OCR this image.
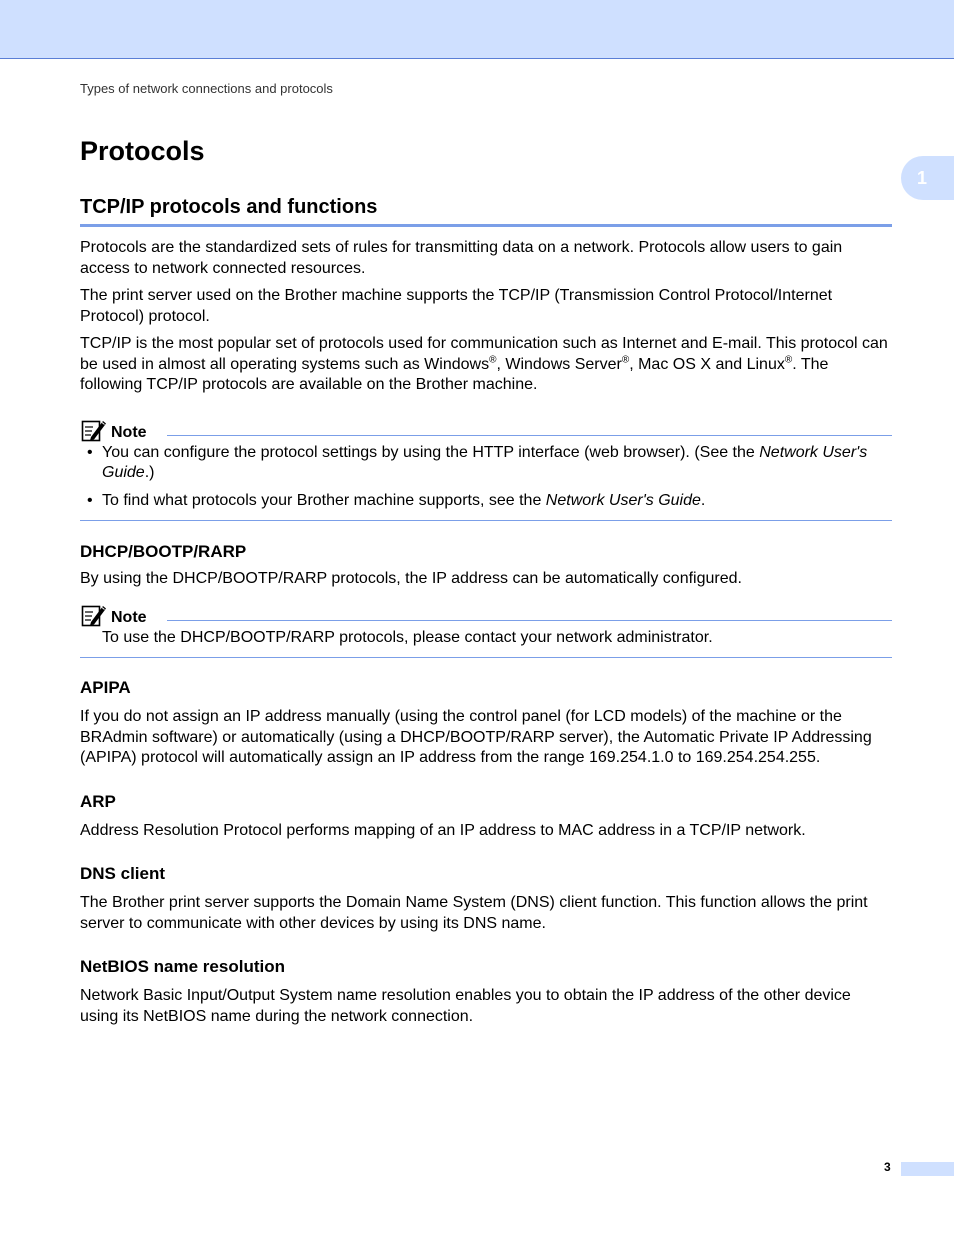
Types of network connections and protocols
1
Protocols
TCP/IP protocols and functions

Protocols are the standardized sets of rules for transmitting data on a network. Protocols allow users to gain access to network connected resources.

The print server used on the Brother machine supports the TCP/IP (Transmission Control Protocol/Internet Protocol) protocol.

TCP/IP is the most popular set of protocols used for communication such as Internet and E-mail. This protocol can be used in almost all operating systems such as Windows®, Windows Server®, Mac OS X and Linux®. The following TCP/IP protocols are available on the Brother machine.

Note
• You can configure the protocol settings by using the HTTP interface (web browser). (See the Network User's Guide.)
• To find what protocols your Brother machine supports, see the Network User's Guide.
DHCP/BOOTP/RARP

By using the DHCP/BOOTP/RARP protocols, the IP address can be automatically configured.

Note
To use the DHCP/BOOTP/RARP protocols, please contact your network administrator.
APIPA

If you do not assign an IP address manually (using the control panel (for LCD models) of the machine or the BRAdmin software) or automatically (using a DHCP/BOOTP/RARP server), the Automatic Private IP Addressing (APIPA) protocol will automatically assign an IP address from the range 169.254.1.0 to 169.254.254.255.

ARP

Address Resolution Protocol performs mapping of an IP address to MAC address in a TCP/IP network.

DNS client

The Brother print server supports the Domain Name System (DNS) client function. This function allows the print server to communicate with other devices by using its DNS name.

NetBIOS name resolution

Network Basic Input/Output System name resolution enables you to obtain the IP address of the other device using its NetBIOS name during the network connection.

3
